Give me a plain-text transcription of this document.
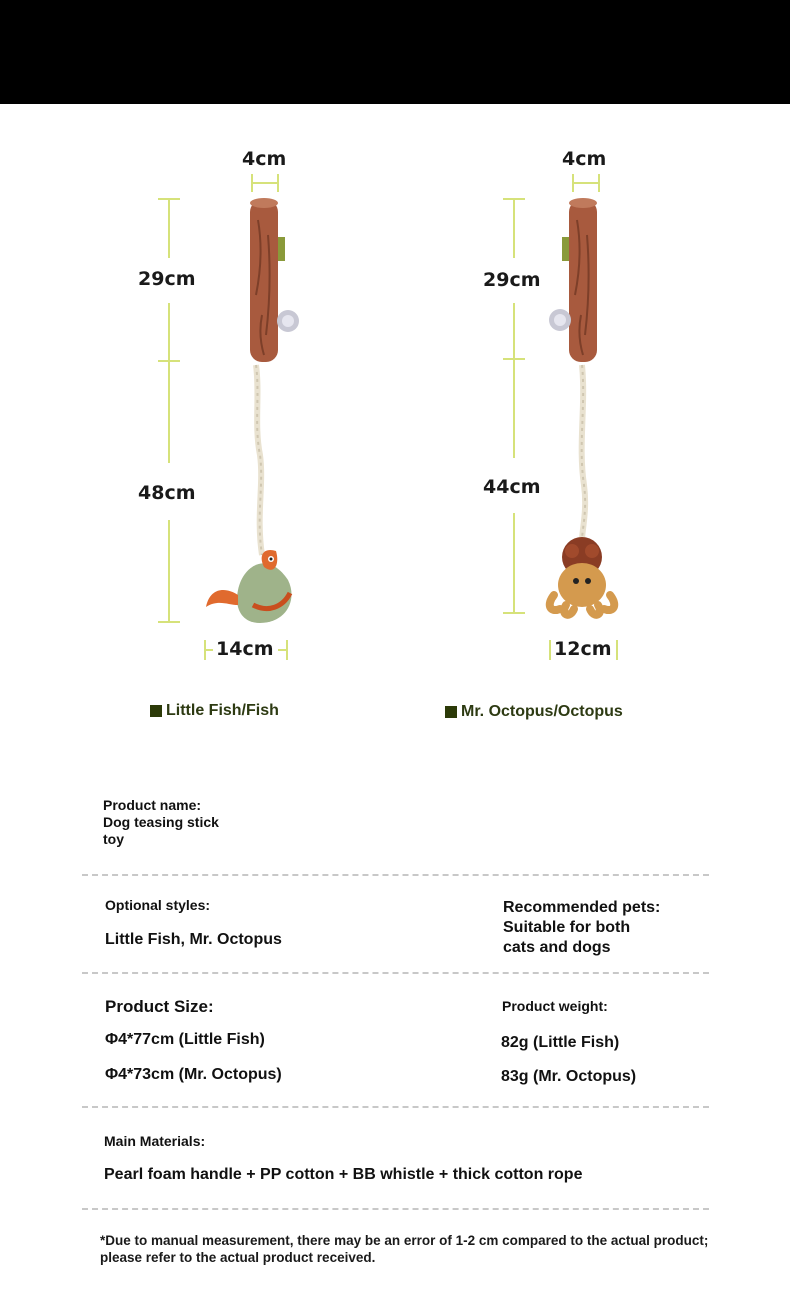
4cm
29cm
48cm
14cm
4cm
29cm
44cm
12cm
Little Fish/Fish	Mr. Octopus/Octopus
Product name:
Dog teasing stick
toy
Optional styles:
Little Fish, Mr. Octopus
Recommended pets:
Suitable for both
cats and dogs
Product Size:
Φ4*77cm (Little Fish)
Φ4*73cm (Mr. Octopus)
Product weight:
82g (Little Fish)
83g (Mr. Octopus)
Main Materials:
Pearl foam handle + PP cotton + BB whistle + thick cotton rope
*Due to manual measurement, there may be an error of 1-2 cm compared to the actual product;
please refer to the actual product received.
